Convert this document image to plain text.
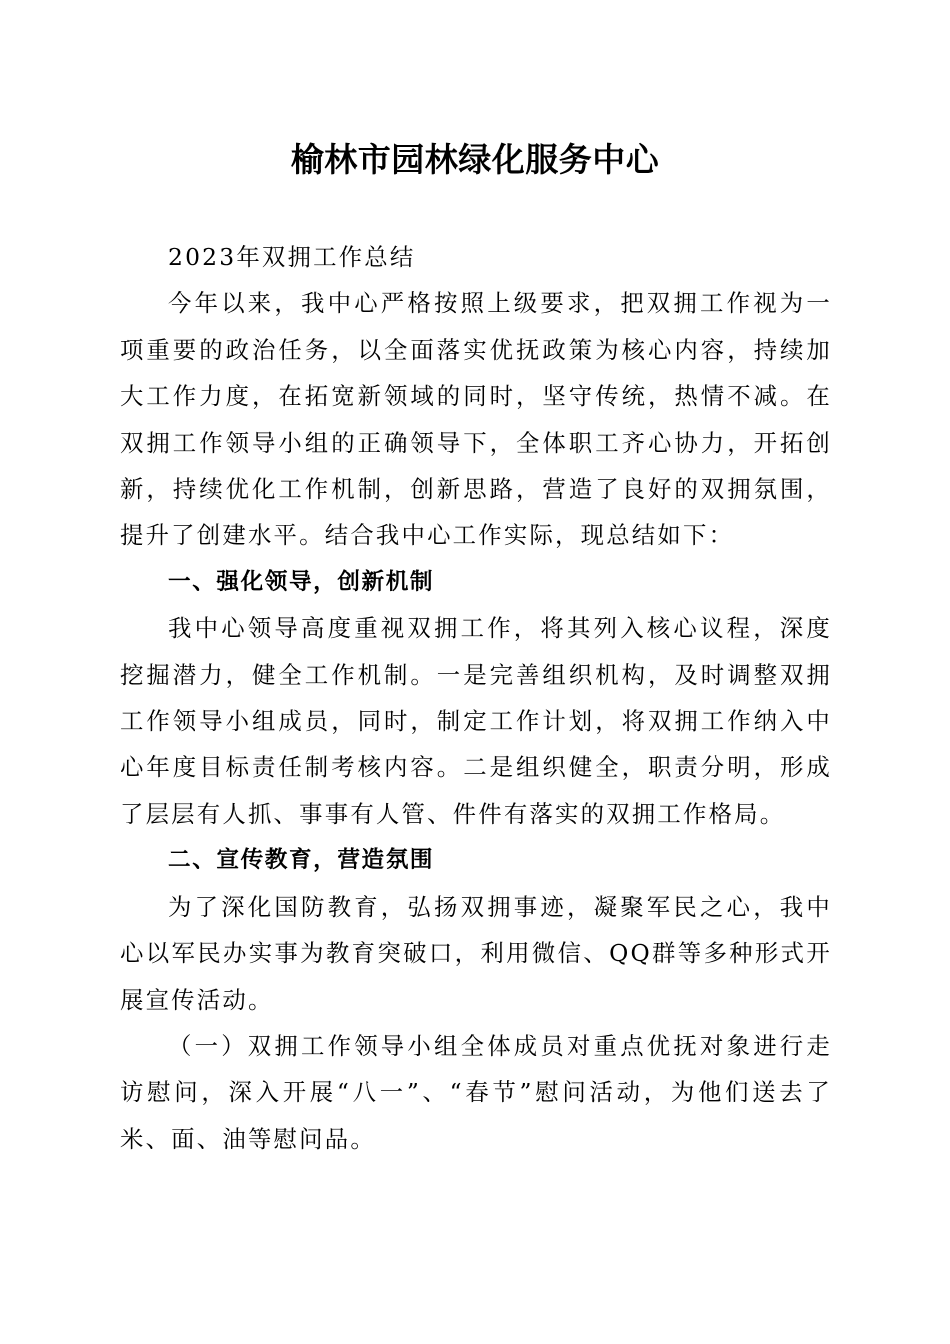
榆林市园林绿化服务中心

2023年双拥工作总结

今年以来，我中心严格按照上级要求，把双拥工作视为一项重要的政治任务，以全面落实优抚政策为核心内容，持续加大工作力度，在拓宽新领域的同时，坚守传统，热情不减。在双拥工作领导小组的正确领导下，全体职工齐心协力，开拓创新，持续优化工作机制，创新思路，营造了良好的双拥氛围，提升了创建水平。结合我中心工作实际，现总结如下：

一、强化领导，创新机制

我中心领导高度重视双拥工作，将其列入核心议程，深度挖掘潜力，健全工作机制。一是完善组织机构，及时调整双拥工作领导小组成员，同时，制定工作计划，将双拥工作纳入中心年度目标责任制考核内容。二是组织健全，职责分明，形成了层层有人抓、事事有人管、件件有落实的双拥工作格局。

二、宣传教育，营造氛围

为了深化国防教育，弘扬双拥事迹，凝聚军民之心，我中心以军民办实事为教育突破口，利用微信、QQ群等多种形式开展宣传活动。

（一）双拥工作领导小组全体成员对重点优抚对象进行走访慰问，深入开展“八一”、“春节”慰问活动，为他们送去了米、面、油等慰问品。
